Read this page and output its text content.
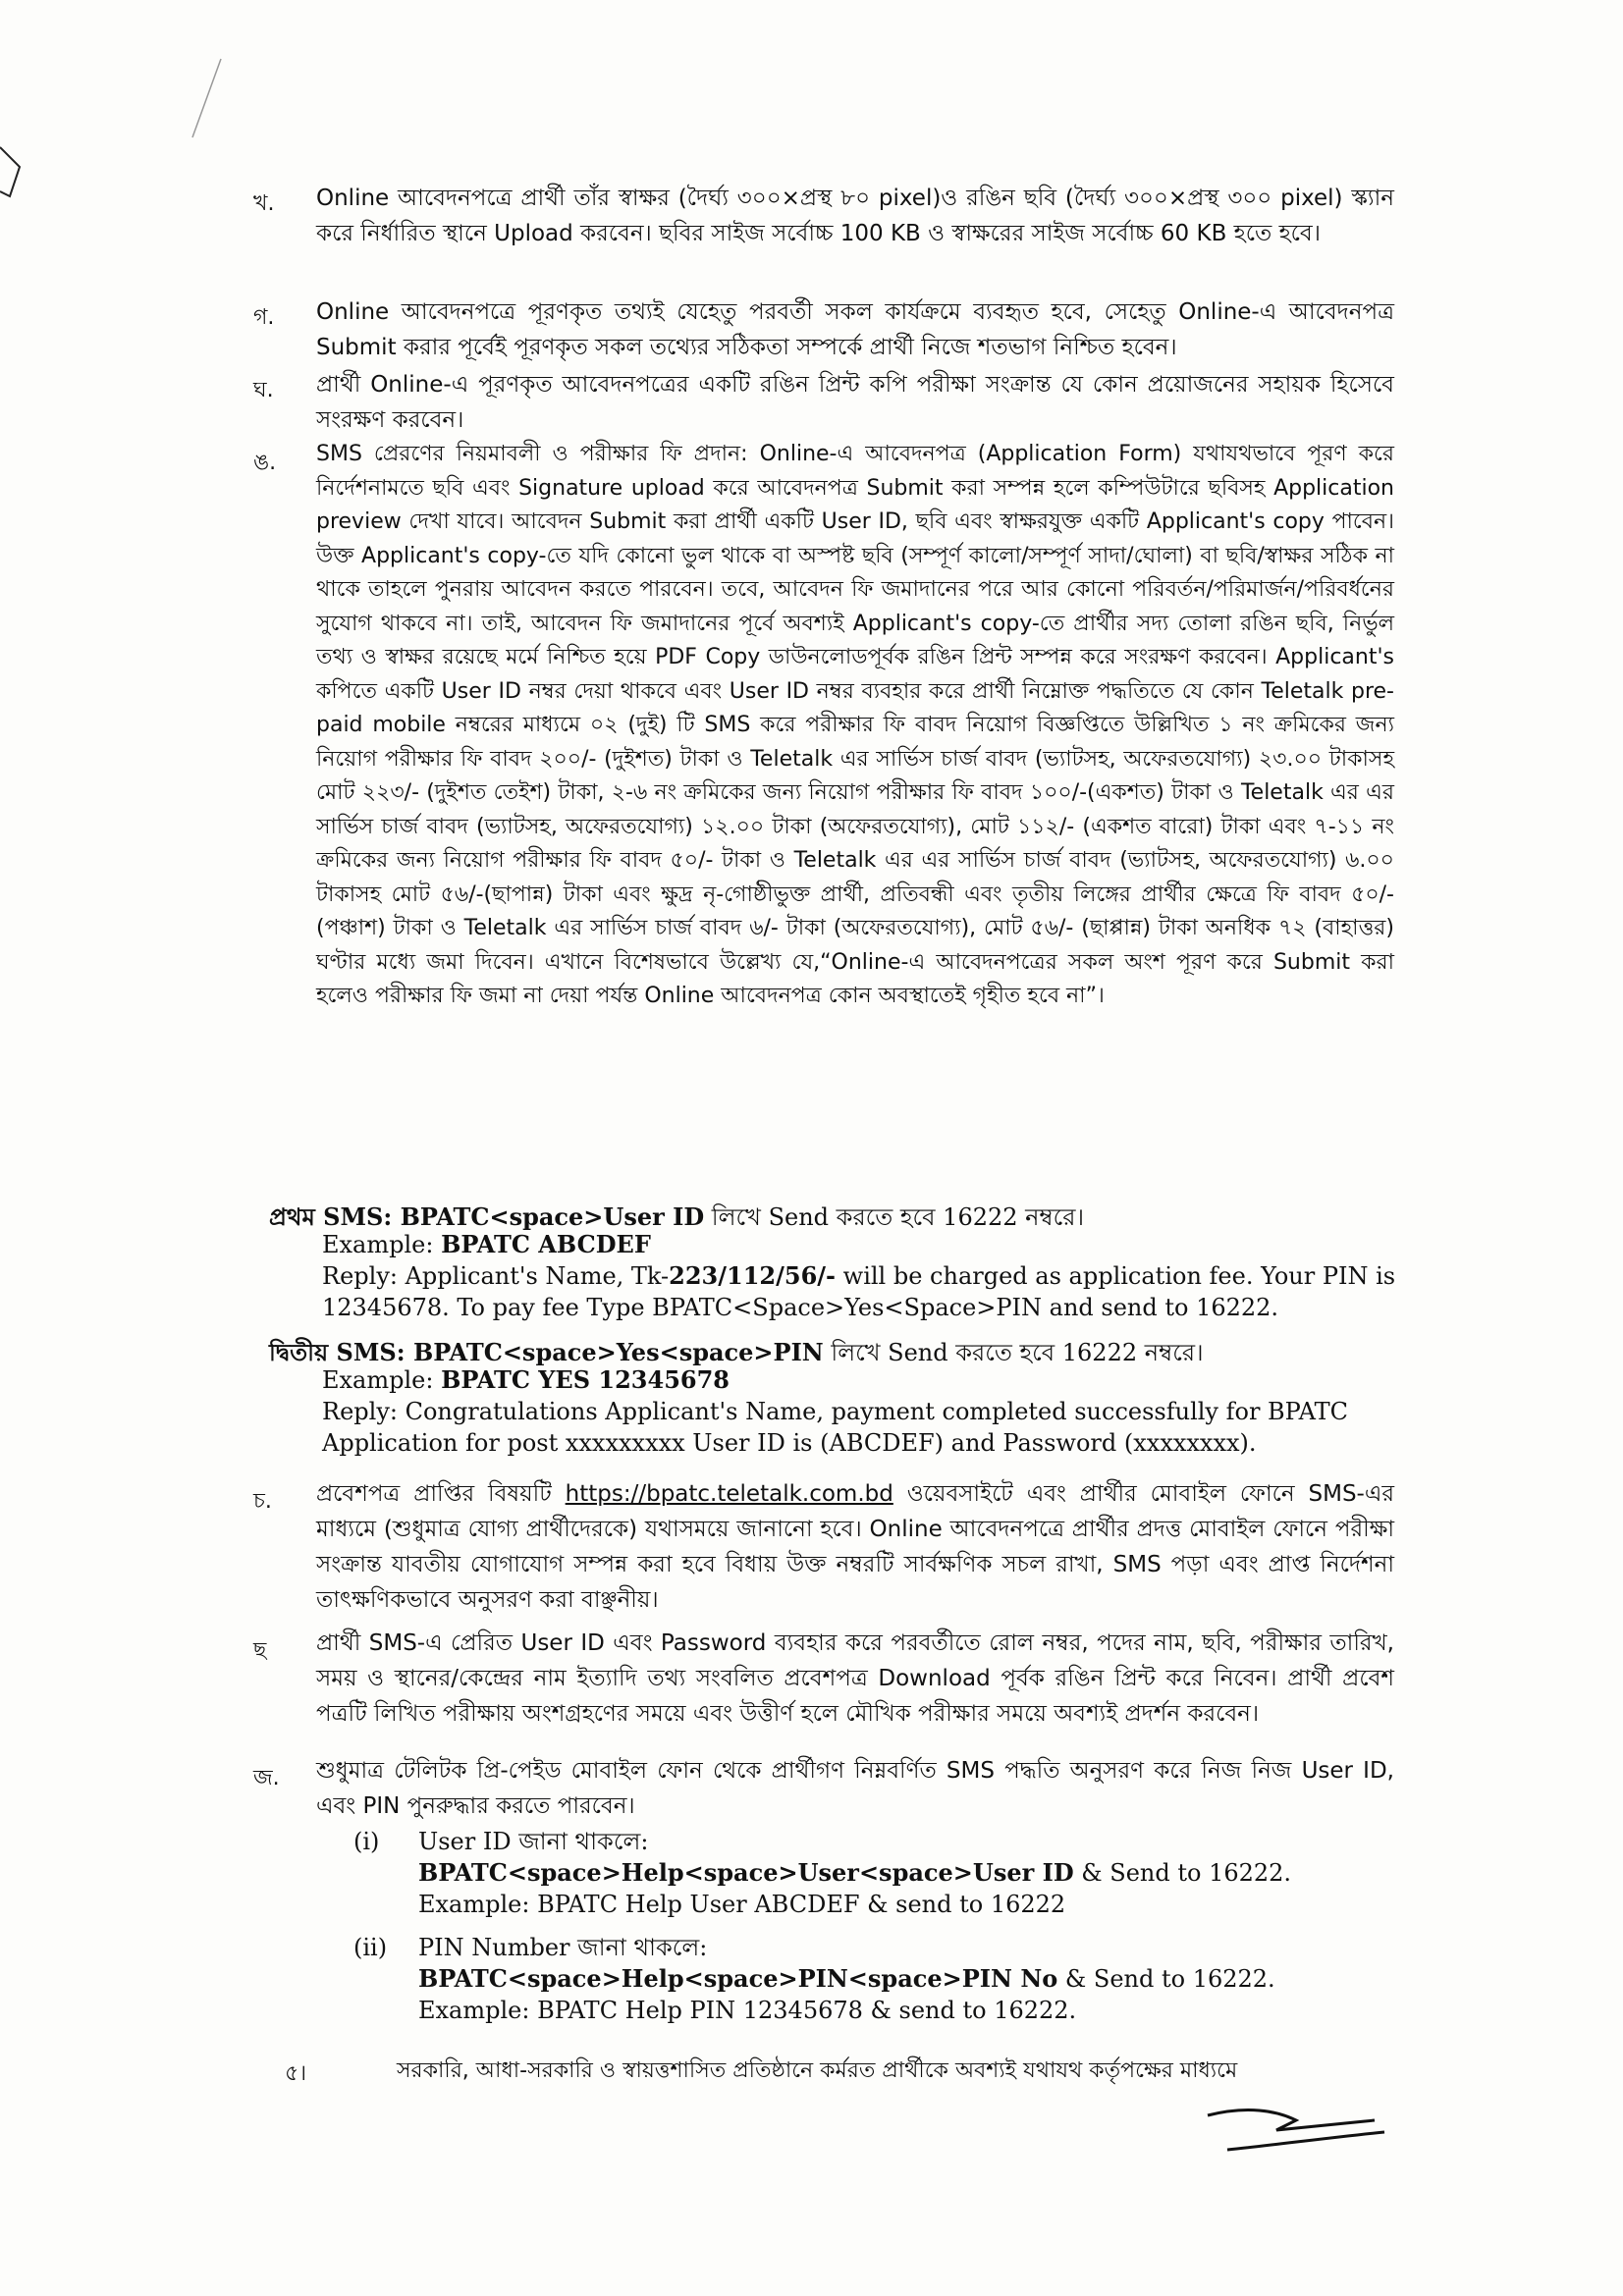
খ. Online আবেদনপত্রে প্রার্থী তাঁর স্বাক্ষর (দৈর্ঘ্য ৩০০×প্রস্থ ৮০ pixel)ও রঙিন ছবি (দৈর্ঘ্য ৩০০×প্রস্থ ৩০০ pixel) স্ক্যান করে নির্ধারিত স্থানে Upload করবেন। ছবির সাইজ সর্বোচ্চ 100 KB ও স্বাক্ষরের সাইজ সর্বোচ্চ 60 KB হতে হবে।
গ. Online আবেদনপত্রে পূরণকৃত তথ্যই যেহেতু পরবর্তী সকল কার্যক্রমে ব্যবহৃত হবে, সেহেতু Online-এ আবেদনপত্র Submit করার পূর্বেই পূরণকৃত সকল তথ্যের সঠিকতা সম্পর্কে প্রার্থী নিজে শতভাগ নিশ্চিত হবেন।
ঘ. প্রার্থী Online-এ পূরণকৃত আবেদনপত্রের একটি রঙিন প্রিন্ট কপি পরীক্ষা সংক্রান্ত যে কোন প্রয়োজনের সহায়ক হিসেবে সংরক্ষণ করবেন।
ঙ. SMS প্রেরণের নিয়মাবলী ও পরীক্ষার ফি প্রদান: Online-এ আবেদনপত্র (Application Form) যথাযথভাবে পূরণ করে নির্দেশনামতে ছবি এবং Signature upload করে আবেদনপত্র Submit করা সম্পন্ন হলে কম্পিউটারে ছবিসহ Application preview দেখা যাবে। আবেদন Submit করা প্রার্থী একটি User ID, ছবি এবং স্বাক্ষরযুক্ত একটি Applicant's copy পাবেন। উক্ত Applicant's copy-তে যদি কোনো ভুল থাকে বা অস্পষ্ট ছবি (সম্পূর্ণ কালো/সম্পূর্ণ সাদা/ঘোলা) বা ছবি/স্বাক্ষর সঠিক না থাকে তাহলে পুনরায় আবেদন করতে পারবেন। তবে, আবেদন ফি জমাদানের পরে আর কোনো পরিবর্তন/পরিমার্জন/পরিবর্ধনের সুযোগ থাকবে না। তাই, আবেদন ফি জমাদানের পূর্বে অবশ্যই Applicant's copy-তে প্রার্থীর সদ্য তোলা রঙিন ছবি, নির্ভুল তথ্য ও স্বাক্ষর রয়েছে মর্মে নিশ্চিত হয়ে PDF Copy ডাউনলোডপূর্বক রঙিন প্রিন্ট সম্পন্ন করে সংরক্ষণ করবেন। Applicant's কপিতে একটি User ID নম্বর দেয়া থাকবে এবং User ID নম্বর ব্যবহার করে প্রার্থী নিম্নোক্ত পদ্ধতিতে যে কোন Teletalk pre-paid mobile নম্বরের মাধ্যমে ০২ (দুই) টি SMS করে পরীক্ষার ফি বাবদ নিয়োগ বিজ্ঞপ্তিতে উল্লিখিত ১ নং ক্রমিকের জন্য নিয়োগ পরীক্ষার ফি বাবদ ২০০/- (দুইশত) টাকা ও Teletalk এর সার্ভিস চার্জ বাবদ (ভ্যাটসহ, অফেরতযোগ্য) ২৩.০০ টাকাসহ মোট ২২৩/- (দুইশত তেইশ) টাকা, ২-৬ নং ক্রমিকের জন্য নিয়োগ পরীক্ষার ফি বাবদ ১০০/-(একশত) টাকা ও Teletalk এর এর সার্ভিস চার্জ বাবদ (ভ্যাটসহ, অফেরতযোগ্য) ১২.০০ টাকা (অফেরতযোগ্য), মোট ১১২/- (একশত বারো) টাকা এবং ৭-১১ নং ক্রমিকের জন্য নিয়োগ পরীক্ষার ফি বাবদ ৫০/- টাকা ও Teletalk এর এর সার্ভিস চার্জ বাবদ (ভ্যাটসহ, অফেরতযোগ্য) ৬.০০ টাকাসহ মোট ৫৬/-(ছাপান্ন) টাকা এবং ক্ষুদ্র নৃ-গোষ্ঠীভুক্ত প্রার্থী, প্রতিবন্ধী এবং তৃতীয় লিঙ্গের প্রার্থীর ক্ষেত্রে ফি বাবদ ৫০/- (পঞ্চাশ) টাকা ও Teletalk এর সার্ভিস চার্জ বাবদ ৬/- টাকা (অফেরতযোগ্য), মোট ৫৬/- (ছাপ্পান্ন) টাকা অনধিক ৭২ (বাহাত্তর) ঘণ্টার মধ্যে জমা দিবেন। এখানে বিশেষভাবে উল্লেখ্য যে,“Online-এ আবেদনপত্রের সকল অংশ পূরণ করে Submit করা হলেও পরীক্ষার ফি জমা না দেয়া পর্যন্ত Online আবেদনপত্র কোন অবস্থাতেই গৃহীত হবে না”।
প্রথম SMS: BPATC<space>User ID লিখে Send করতে হবে 16222 নম্বরে।
Example: BPATC ABCDEF
Reply: Applicant's Name, Tk-223/112/56/- will be charged as application fee. Your PIN is
12345678. To pay fee Type BPATC<Space>Yes<Space>PIN and send to 16222.
দ্বিতীয় SMS: BPATC<space>Yes<space>PIN লিখে Send করতে হবে 16222 নম্বরে।
Example: BPATC YES 12345678
Reply: Congratulations Applicant's Name, payment completed successfully for BPATC
Application for post xxxxxxxxx User ID is (ABCDEF) and Password (xxxxxxxx).
চ. প্রবেশপত্র প্রাপ্তির বিষয়টি https://bpatc.teletalk.com.bd ওয়েবসাইটে এবং প্রার্থীর মোবাইল ফোনে SMS-এর মাধ্যমে (শুধুমাত্র যোগ্য প্রার্থীদেরকে) যথাসময়ে জানানো হবে। Online আবেদনপত্রে প্রার্থীর প্রদত্ত মোবাইল ফোনে পরীক্ষা সংক্রান্ত যাবতীয় যোগাযোগ সম্পন্ন করা হবে বিধায় উক্ত নম্বরটি সার্বক্ষণিক সচল রাখা, SMS পড়া এবং প্রাপ্ত নির্দেশনা তাৎক্ষণিকভাবে অনুসরণ করা বাঞ্ছনীয়।
ছ প্রার্থী SMS-এ প্রেরিত User ID এবং Password ব্যবহার করে পরবর্তীতে রোল নম্বর, পদের নাম, ছবি, পরীক্ষার তারিখ, সময় ও স্থানের/কেন্দ্রের নাম ইত্যাদি তথ্য সংবলিত প্রবেশপত্র Download পূর্বক রঙিন প্রিন্ট করে নিবেন। প্রার্থী প্রবেশ পত্রটি লিখিত পরীক্ষায় অংশগ্রহণের সময়ে এবং উত্তীর্ণ হলে মৌখিক পরীক্ষার সময়ে অবশ্যই প্রদর্শন করবেন।
জ. শুধুমাত্র টেলিটক প্রি-পেইড মোবাইল ফোন থেকে প্রার্থীগণ নিম্নবর্ণিত SMS পদ্ধতি অনুসরণ করে নিজ নিজ User ID, এবং PIN পুনরুদ্ধার করতে পারবেন।
(i) User ID জানা থাকলে:
BPATC<space>Help<space>User<space>User ID & Send to 16222.
Example: BPATC Help User ABCDEF & send to 16222
(ii) PIN Number জানা থাকলে:
BPATC<space>Help<space>PIN<space>PIN No & Send to 16222.
Example: BPATC Help PIN 12345678 & send to 16222.
৫।	সরকারি, আধা-সরকারি ও স্বায়ত্তশাসিত প্রতিষ্ঠানে কর্মরত প্রার্থীকে অবশ্যই যথাযথ কর্তৃপক্ষের মাধ্যমে
